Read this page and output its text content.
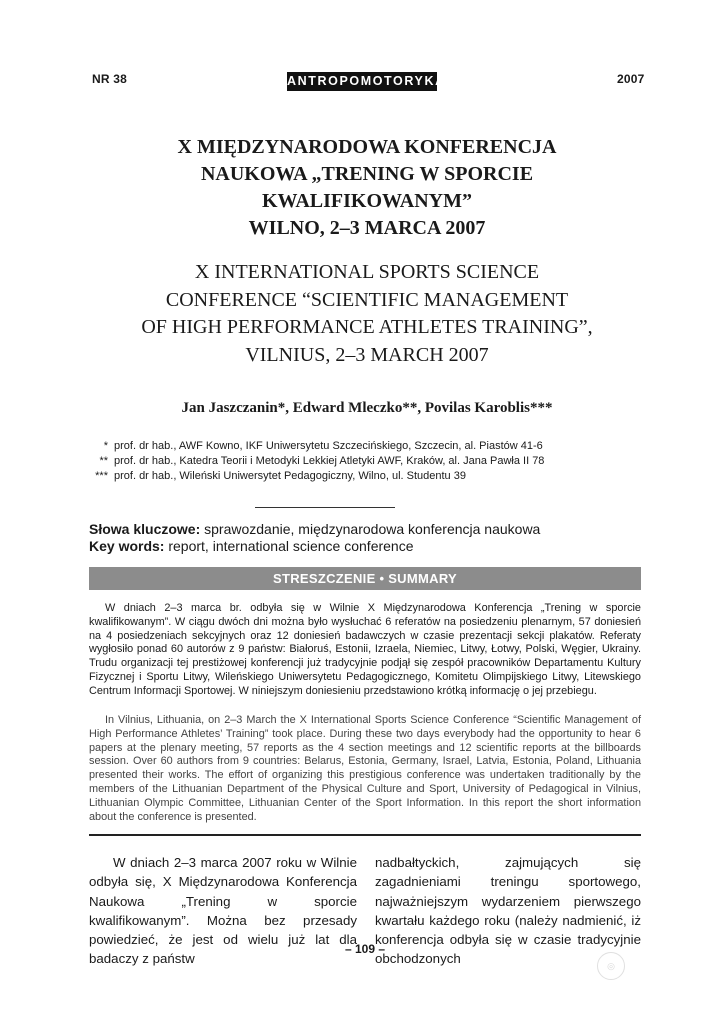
NR 38	ANTROPOMOTORYKA	2007
X MIĘDZYNARODOWA KONFERENCJA
NAUKOWA „TRENING W SPORCIE
KWALIFIKOWANYM”
WILNO, 2–3 MARCA 2007
X INTERNATIONAL SPORTS SCIENCE
CONFERENCE “SCIENTIFIC MANAGEMENT
OF HIGH PERFORMANCE ATHLETES TRAINING”,
VILNIUS, 2–3 MARCH 2007
Jan Jaszczanin*, Edward Mleczko**, Povilas Karoblis***
* prof. dr hab., AWF Kowno, IKF Uniwersytetu Szczecińskiego, Szczecin, al. Piastów 41-6
** prof. dr hab., Katedra Teorii i Metodyki Lekkiej Atletyki AWF, Kraków, al. Jana Pawła II 78
*** prof. dr hab., Wileński Uniwersytet Pedagogiczny, Wilno, ul. Studentu 39
Słowa kluczowe: sprawozdanie, międzynarodowa konferencja naukowa
Key words: report, international science conference
STRESZCZENIE • SUMMARY

W dniach 2–3 marca br. odbyła się w Wilnie X Międzynarodowa Konferencja „Trening w sporcie kwalifikowanym”. W ciągu dwóch dni można było wysłuchać 6 referatów na posiedzeniu plenarnym, 57 doniesień na 4 posiedzeniach sekcyjnych oraz 12 doniesień badawczych w czasie prezentacji sekcji plakatów. Referaty wygłosiło ponad 60 autorów z 9 państw: Białoruś, Estonii, Izraela, Niemiec, Litwy, Łotwy, Polski, Węgier, Ukrainy. Trudu organizacji tej prestiżowej konferencji już tradycyjnie podjął się zespół pracowników Departamentu Kultury Fizycznej i Sportu Litwy, Wileńskiego Uniwersytetu Pedagogicznego, Komitetu Olimpijskiego Litwy, Litewskiego Centrum Informacji Sportowej. W niniejszym doniesieniu przedstawiono krótką informację o jej przebiegu.

In Vilnius, Lithuania, on 2–3 March the X International Sports Science Conference “Scientific Management of High Performance Athletes’ Training” took place. During these two days everybody had the opportunity to hear 6 papers at the plenary meeting, 57 reports as the 4 section meetings and 12 scientific reports at the billboards session. Over 60 authors from 9 countries: Belarus, Estonia, Germany, Israel, Latvia, Estonia, Poland, Lithuania presented their works. The effort of organizing this prestigious conference was undertaken traditionally by the members of the Lithuanian Department of the Physical Culture and Sport, University of Pedagogical in Vilnius, Lithuanian Olympic Committee, Lithuanian Center of the Sport Information. In this report the short information about the conference is presented.

W dniach 2–3 marca 2007 roku w Wilnie odbyła się, X Międzynarodowa Konferencja Naukowa „Trening w sporcie kwalifikowanym”. Można bez przesady powiedzieć, że jest od wielu już lat dla badaczy z państw

nadbałtyckich, zajmujących się zagadnieniami treningu sportowego, najważniejszym wydarzeniem pierwszego kwartału każdego roku (należy nadmienić, iż konferencja odbyła się w czasie tradycyjnie obchodzonych

– 109 –
◎
